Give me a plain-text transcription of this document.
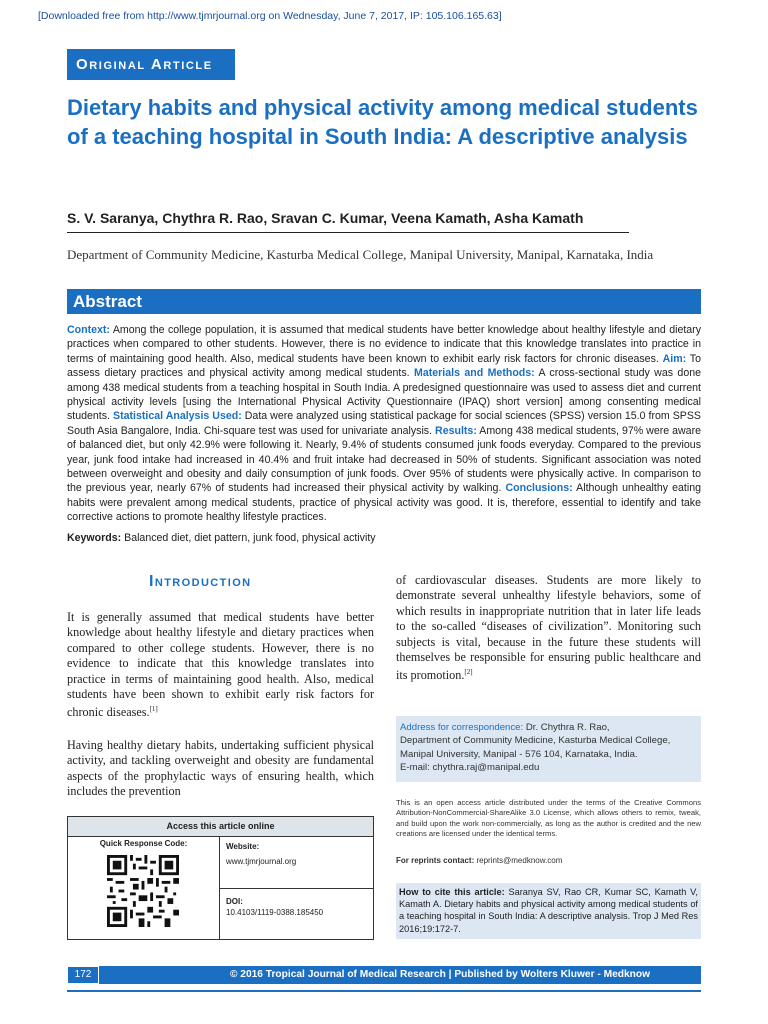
[Downloaded free from http://www.tjmrjournal.org on Wednesday, June 7, 2017, IP: 105.106.165.63]
Original Article
Dietary habits and physical activity among medical students of a teaching hospital in South India: A descriptive analysis
S. V. Saranya, Chythra R. Rao, Sravan C. Kumar, Veena Kamath, Asha Kamath
Department of Community Medicine, Kasturba Medical College, Manipal University, Manipal, Karnataka, India
Abstract
Context: Among the college population, it is assumed that medical students have better knowledge about healthy lifestyle and dietary practices when compared to other students. However, there is no evidence to indicate that this knowledge translates into practice in terms of maintaining good health. Also, medical students have been known to exhibit early risk factors for chronic diseases. Aim: To assess dietary practices and physical activity among medical students. Materials and Methods: A cross-sectional study was done among 438 medical students from a teaching hospital in South India. A predesigned questionnaire was used to assess diet and current physical activity levels [using the International Physical Activity Questionnaire (IPAQ) short version] among consenting medical students. Statistical Analysis Used: Data were analyzed using statistical package for social sciences (SPSS) version 15.0 from SPSS South Asia Bangalore, India. Chi-square test was used for univariate analysis. Results: Among 438 medical students, 97% were aware of balanced diet, but only 42.9% were following it. Nearly, 9.4% of students consumed junk foods everyday. Compared to the previous year, junk food intake had increased in 40.4% and fruit intake had decreased in 50% of students. Significant association was noted between overweight and obesity and daily consumption of junk foods. Over 95% of students were physically active. In comparison to the previous year, nearly 67% of students had increased their physical activity by walking. Conclusions: Although unhealthy eating habits were prevalent among medical students, practice of physical activity was good. It is, therefore, essential to identify and take corrective actions to promote healthy lifestyle practices.
Keywords: Balanced diet, diet pattern, junk food, physical activity
Introduction
It is generally assumed that medical students have better knowledge about healthy lifestyle and dietary practices when compared to other college students. However, there is no evidence to indicate that this knowledge translates into practice in terms of maintaining good health. Also, medical students have been shown to exhibit early risk factors for chronic diseases.[1]
Having healthy dietary habits, undertaking sufficient physical activity, and tackling overweight and obesity are fundamental aspects of the prophylactic ways of ensuring health, which includes the prevention
of cardiovascular diseases. Students are more likely to demonstrate several unhealthy lifestyle behaviors, some of which results in inappropriate nutrition that in later life leads to the so-called “diseases of civilization”. Monitoring such subjects is vital, because in the future these students will themselves be responsible for ensuring public healthcare and its promotion.[2]
Address for correspondence: Dr. Chythra R. Rao,
Department of Community Medicine, Kasturba Medical College,
Manipal University, Manipal - 576 104, Karnataka, India.
E-mail: chythra.raj@manipal.edu
This is an open access article distributed under the terms of the Creative Commons Attribution-NonCommercial-ShareAlike 3.0 License, which allows others to remix, tweak, and build upon the work non-commercially, as long as the author is credited and the new creations are licensed under the identical terms.
For reprints contact: reprints@medknow.com
How to cite this article: Saranya SV, Rao CR, Kumar SC, Kamath V, Kamath A. Dietary habits and physical activity among medical students of a teaching hospital in South India: A descriptive analysis. Trop J Med Res 2016;19:172-7.
Access this article online
Quick Response Code:	Website:
www.tjmrjournal.org
DOI:
10.4103/1119-0388.185450
172	© 2016 Tropical Journal of Medical Research | Published by Wolters Kluwer - Medknow
